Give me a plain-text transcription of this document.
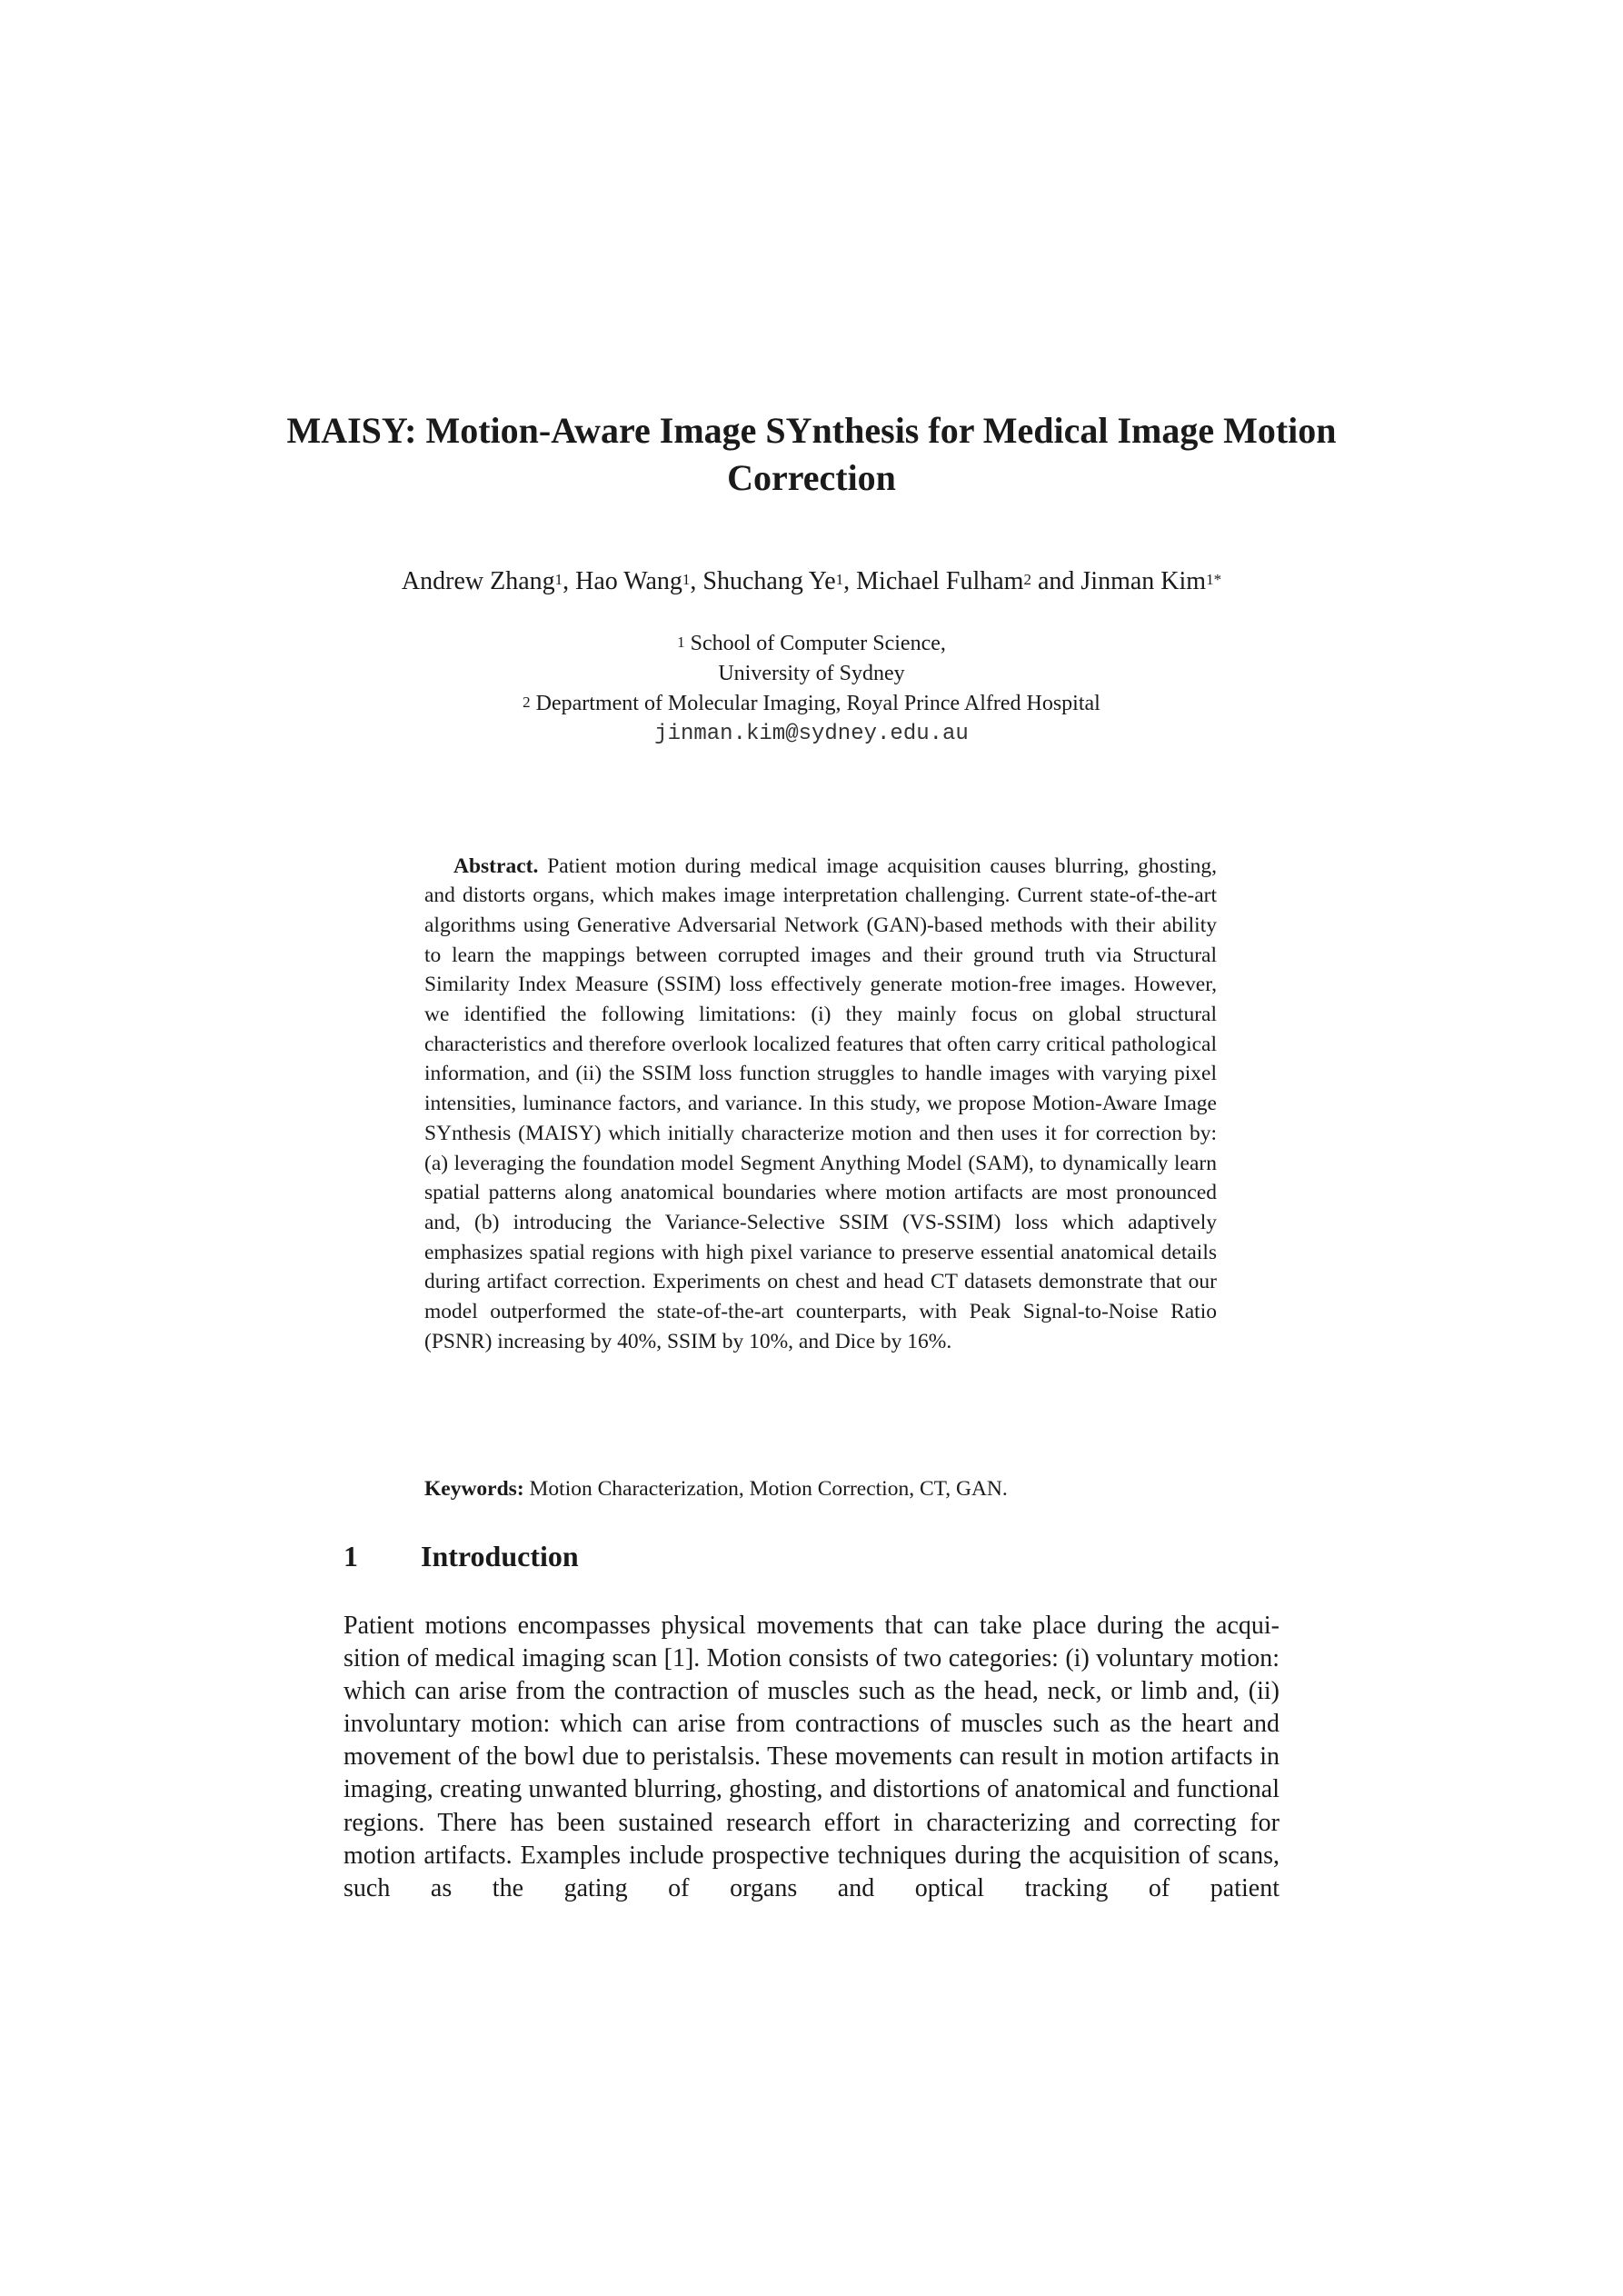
MAISY: Motion-Aware Image SYnthesis for Medical Image Motion Correction
Andrew Zhang$^1$, Hao Wang$^1$, Shuchang Ye$^1$, Michael Fulham$^2$ and Jinman Kim$^{1*}$
$^1$ School of Computer Science,
University of Sydney
$^2$ Department of Molecular Imaging, Royal Prince Alfred Hospital
jinman.kim@sydney.edu.au

Abstract. Patient motion during medical image acquisition causes blurring, ghosting, and distorts organs, which makes image interpretation challenging. Current state-of-the-art algorithms using Generative Adversarial Network (GAN)-based methods with their ability to learn the mappings between corrupted images and their ground truth via Structural Similarity Index Measure (SSIM) loss effectively generate motion-free images. However, we identified the following limitations: (i) they mainly focus on global structural characteristics and therefore overlook localized features that often carry critical pathological information, and (ii) the SSIM loss function struggles to handle images with varying pixel intensities, luminance factors, and variance. In this study, we propose Motion-Aware Image SYnthesis (MAISY) which initially characterize motion and then uses it for correction by: (a) leveraging the foundation model Segment Anything Model (SAM), to dynamically learn spatial patterns along anatomical boundaries where motion artifacts are most pronounced and, (b) introducing the Variance-Selective SSIM (VS-SSIM) loss which adaptively emphasizes spatial regions with high pixel variance to preserve essential anatomical details during artifact correction. Experiments on chest and head CT datasets demonstrate that our model outperformed the state-of-the-art counterparts, with Peak Signal-to-Noise Ratio (PSNR) increasing by 40%, SSIM by 10%, and Dice by 16%.

Keywords: Motion Characterization, Motion Correction, CT, GAN.

1 Introduction

Patient motions encompasses physical movements that can take place during the acquisition of medical imaging scan [1]. Motion consists of two categories: (i) voluntary motion: which can arise from the contraction of muscles such as the head, neck, or limb and, (ii) involuntary motion: which can arise from contractions of muscles such as the heart and movement of the bowl due to peristalsis. These movements can result in motion artifacts in imaging, creating unwanted blurring, ghosting, and distortions of anatomical and functional regions. There has been sustained research effort in characterizing and correcting for motion artifacts. Examples include prospective techniques during the acquisition of scans, such as the gating of organs and optical tracking of patient
